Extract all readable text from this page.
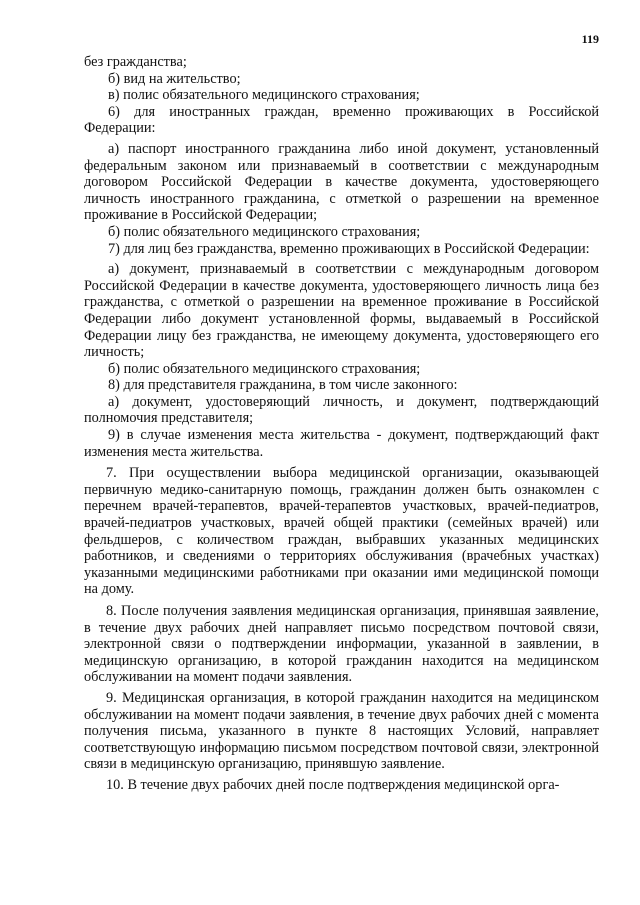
119

без гражданства;

б) вид на жительство;

в) полис обязательного медицинского страхования;

6) для иностранных граждан, временно проживающих в Российской Федерации:

а) паспорт иностранного гражданина либо иной документ, установленный федеральным законом или признаваемый в соответствии с международным договором Российской Федерации в качестве документа, удостоверяющего личность иностранного гражданина, с отметкой о разрешении на временное проживание в Российской Федерации;

б) полис обязательного медицинского страхования;

7) для лиц без гражданства, временно проживающих в Российской Федерации:

а) документ, признаваемый в соответствии с международным договором Российской Федерации в качестве документа, удостоверяющего личность лица без гражданства, с отметкой о разрешении на временное проживание в Российской Федерации либо документ установленной формы, выдаваемый в Российской Федерации лицу без гражданства, не имеющему документа, удостоверяющего его личность;

б) полис обязательного медицинского страхования;

8) для представителя гражданина, в том числе законного:

а) документ, удостоверяющий личность, и документ, подтверждающий полномочия представителя;

9) в случае изменения места жительства - документ, подтверждающий факт изменения места жительства.

7. При осуществлении выбора медицинской организации, оказывающей первичную медико-санитарную помощь, гражданин должен быть ознакомлен с перечнем врачей-терапевтов, врачей-терапевтов участковых, врачей-педиатров, врачей-педиатров участковых, врачей общей практики (семейных врачей) или фельдшеров, с количеством граждан, выбравших указанных медицинских работников, и сведениями о территориях обслуживания (врачебных участках) указанными медицинскими работниками при оказании ими медицинской помощи на дому.

8. После получения заявления медицинская организация, принявшая заявление, в течение двух рабочих дней направляет письмо посредством почтовой связи, электронной связи о подтверждении информации, указанной в заявлении, в медицинскую организацию, в которой гражданин находится на медицинском обслуживании на момент подачи заявления.

9. Медицинская организация, в которой гражданин находится на медицинском обслуживании на момент подачи заявления, в течение двух рабочих дней с момента получения письма, указанного в пункте 8 настоящих Условий, направляет соответствующую информацию письмом посредством почтовой связи, электронной связи в медицинскую организацию, принявшую заявление.

10. В течение двух рабочих дней после подтверждения медицинской орга-
